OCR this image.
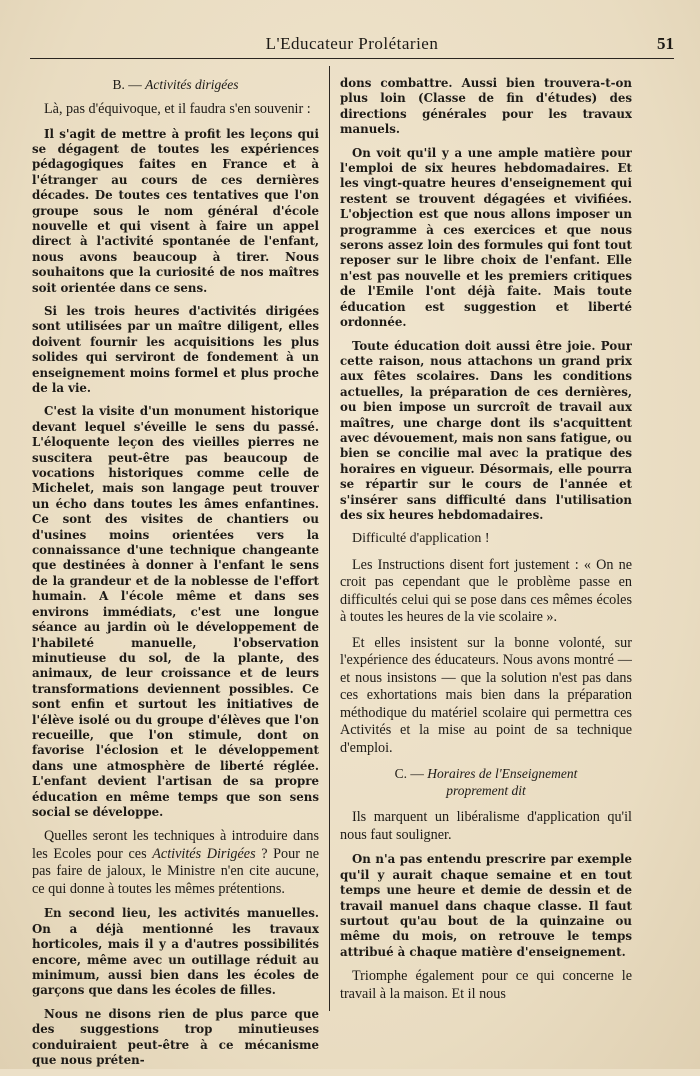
L'Educateur Prolétarien	51
B. — Activités dirigées

Là, pas d'équivoque, et il faudra s'en souvenir :

Il s'agit de mettre à profit les leçons qui se dégagent de toutes les expériences pédagogiques faites en France et à l'étranger au cours de ces dernières décades. De toutes ces tentatives que l'on groupe sous le nom général d'école nouvelle et qui visent à faire un appel direct à l'activité spontanée de l'enfant, nous avons beaucoup à tirer. Nous souhaitons que la curiosité de nos maîtres soit orientée dans ce sens.

Si les trois heures d'activités dirigées sont utilisées par un maître diligent, elles doivent fournir les acquisitions les plus solides qui serviront de fondement à un enseignement moins formel et plus proche de la vie.

C'est la visite d'un monument historique devant lequel s'éveille le sens du passé. L'éloquente leçon des vieilles pierres ne suscitera peut-être pas beaucoup de vocations historiques comme celle de Michelet, mais son langage peut trouver un écho dans toutes les âmes enfantines. Ce sont des visites de chantiers ou d'usines moins orientées vers la connaissance d'une technique changeante que destinées à donner à l'enfant le sens de la grandeur et de la noblesse de l'effort humain. A l'école même et dans ses environs immédiats, c'est une longue séance au jardin où le développement de l'habileté manuelle, l'observation minutieuse du sol, de la plante, des animaux, de leur croissance et de leurs transformations deviennent possibles. Ce sont enfin et surtout les initiatives de l'élève isolé ou du groupe d'élèves que l'on recueille, que l'on stimule, dont on favorise l'éclosion et le développement dans une atmosphère de liberté réglée. L'enfant devient l'artisan de sa propre éducation en même temps que son sens social se développe.

Quelles seront les techniques à introduire dans les Ecoles pour ces Activités Dirigées ? Pour ne pas faire de jaloux, le Ministre n'en cite aucune, ce qui donne à toutes les mêmes prétentions.

En second lieu, les activités manuelles. On a déjà mentionné les travaux horticoles, mais il y a d'autres possibilités encore, même avec un outillage réduit au minimum, aussi bien dans les écoles de garçons que dans les écoles de filles.

Nous ne disons rien de plus parce que des suggestions trop minutieuses conduiraient peut-être à ce mécanisme que nous préten-

dons combattre. Aussi bien trouvera-t-on plus loin (Classe de fin d'études) des directions générales pour les travaux manuels.

On voit qu'il y a une ample matière pour l'emploi de six heures hebdomadaires. Et les vingt-quatre heures d'enseignement qui restent se trouvent dégagées et vivifiées. L'objection est que nous allons imposer un programme à ces exercices et que nous serons assez loin des formules qui font tout reposer sur le libre choix de l'enfant. Elle n'est pas nouvelle et les premiers critiques de l'Emile l'ont déjà faite. Mais toute éducation est suggestion et liberté ordonnée.

Toute éducation doit aussi être joie. Pour cette raison, nous attachons un grand prix aux fêtes scolaires. Dans les conditions actuelles, la préparation de ces dernières, ou bien impose un surcroît de travail aux maîtres, une charge dont ils s'acquittent avec dévouement, mais non sans fatigue, ou bien se concilie mal avec la pratique des horaires en vigueur. Désormais, elle pourra se répartir sur le cours de l'année et s'insérer sans difficulté dans l'utilisation des six heures hebdomadaires.

Difficulté d'application !

Les Instructions disent fort justement : « On ne croit pas cependant que le problème passe en difficultés celui qui se pose dans ces mêmes écoles à toutes les heures de la vie scolaire ».

Et elles insistent sur la bonne volonté, sur l'expérience des éducateurs. Nous avons montré — et nous insistons — que la solution n'est pas dans ces exhortations mais bien dans la préparation méthodique du matériel scolaire qui permettra ces Activités et la mise au point de sa technique d'emploi.

C. — Horaires de l'Enseignement
proprement dit

Ils marquent un libéralisme d'application qu'il nous faut souligner.

On n'a pas entendu prescrire par exemple qu'il y aurait chaque semaine et en tout temps une heure et demie de dessin et de travail manuel dans chaque classe. Il faut surtout qu'au bout de la quinzaine ou même du mois, on retrouve le temps attribué à chaque matière d'enseignement.

Triomphe également pour ce qui concerne le travail à la maison. Et il nous
